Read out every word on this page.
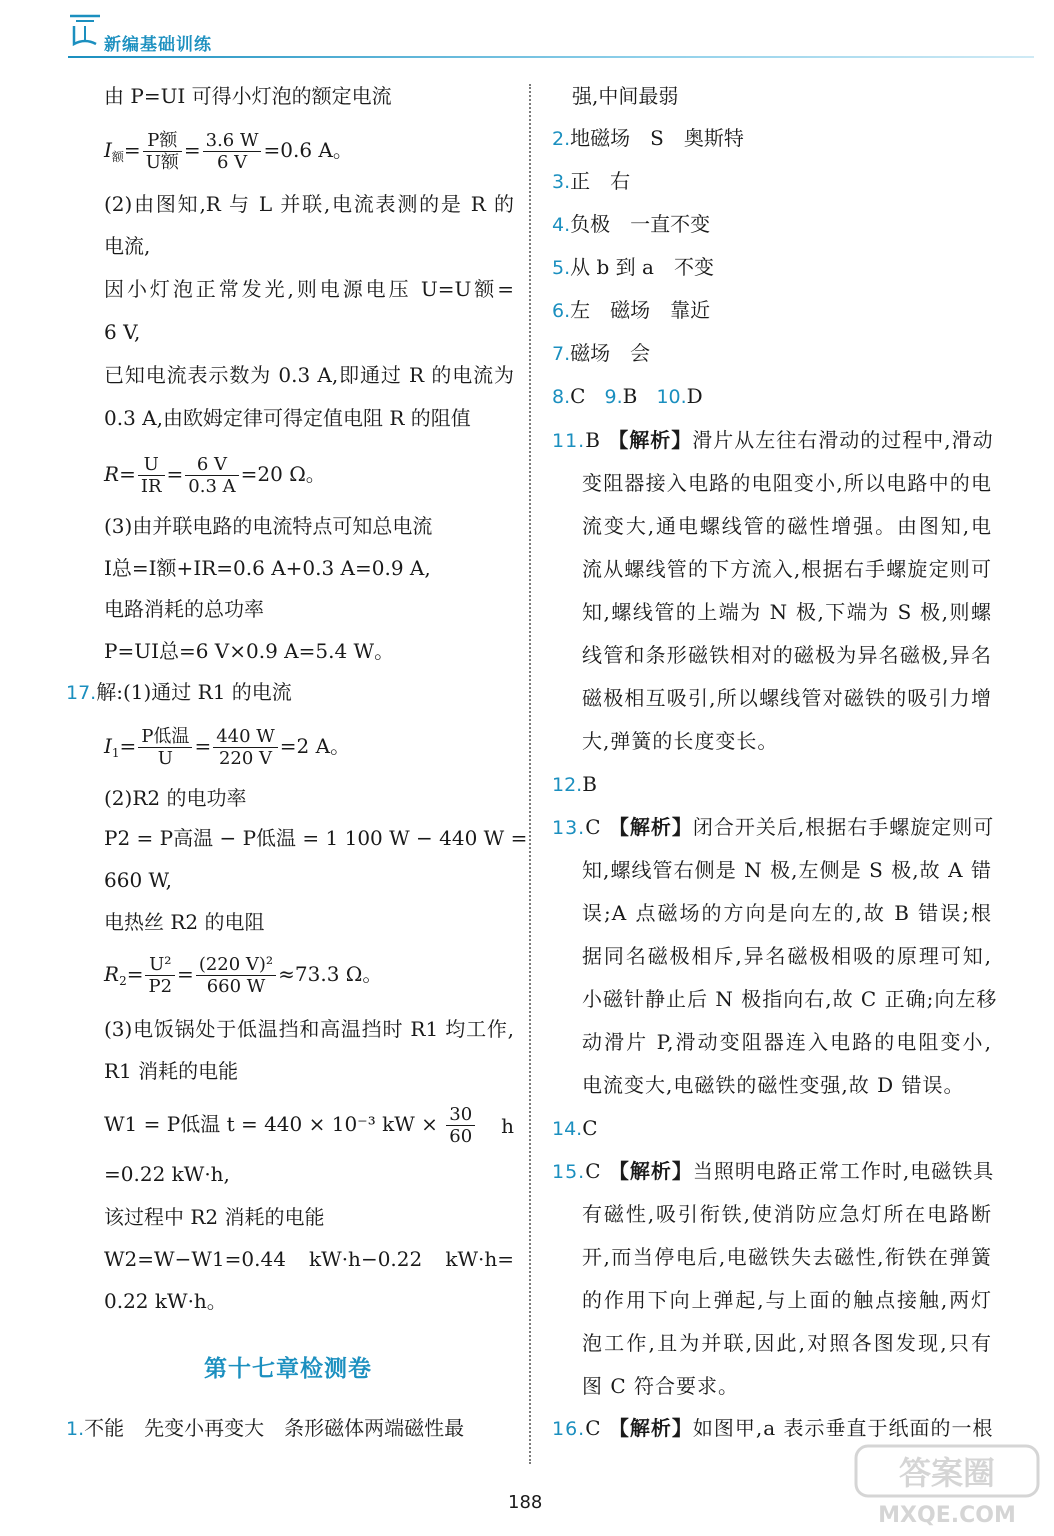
新编基础训练
由 P=UI 可得小灯泡的额定电流
$I_额= \frac{\text{P额}}{\text{U额}} = \frac{3.6 W}{6 V} =0.6$ A。
(2)由图知,R 与 L 并联,电流表测的是 R 的
电流,
因小灯泡正常发光,则电源电压 U=U额=
6 V,
已知电流表示数为 0.3 A,即通过 R 的电流为
0.3 A,由欧姆定律可得定值电阻 R 的阻值
$R= \frac{U}{IR} = \frac{6 V}{0.3 A} =20$ Ω。
(3)由并联电路的电流特点可知总电流
I总=I额+IR=0.6 A+0.3 A=0.9 A,
电路消耗的总功率
P=UI总=6 V×0.9 A=5.4 W。
17.解:(1)通过 R1 的电流
$I_1= \frac{\text{P低温}}{U} = \frac{440 W}{220 V} =2$ A。
(2)R2 的电功率
P2 = P高温 − P低温 = 1 100 W − 440 W =
660 W,
电热丝 R2 的电阻
$R_2= \frac{\text{U²}}{P2} = \frac{\text{(220 V)²}}{660 W} \approx 73.3$ Ω。
(3)电饭锅处于低温挡和高温挡时 R1 均工作,
R1 消耗的电能
W1 = P低温 t = 440 × 10⁻³ kW × $\frac{30}{60}$ h
=0.22 kW·h,
该过程中 R2 消耗的电能
W2=W−W1=0.44 kW·h−0.22 kW·h=
0.22 kW·h。
第十七章检测卷
1.不能　先变小再变大　条形磁体两端磁性最
强,中间最弱
2.地磁场　S　奥斯特
3.正　右
4.负极　一直不变
5.从 b 到 a　不变
6.左　磁场　靠近
7.磁场　会
8.C 9.B 10.D
11.B 【解析】滑片从左往右滑动的过程中,滑动
变阻器接入电路的电阻变小,所以电路中的电
流变大,通电螺线管的磁性增强。由图知,电
流从螺线管的下方流入,根据右手螺旋定则可
知,螺线管的上端为 N 极,下端为 S 极,则螺
线管和条形磁铁相对的磁极为异名磁极,异名
磁极相互吸引,所以螺线管对磁铁的吸引力增
大,弹簧的长度变长。
12.B
13.C 【解析】闭合开关后,根据右手螺旋定则可
知,螺线管右侧是 N 极,左侧是 S 极,故 A 错
误;A 点磁场的方向是向左的,故 B 错误;根
据同名磁极相斥,异名磁极相吸的原理可知,
小磁针静止后 N 极指向右,故 C 正确;向左移
动滑片 P,滑动变阻器连入电路的电阻变小,
电流变大,电磁铁的磁性变强,故 D 错误。
14.C
15.C 【解析】当照明电路正常工作时,电磁铁具
有磁性,吸引衔铁,使消防应急灯所在电路断
开,而当停电后,电磁铁失去磁性,衔铁在弹簧
的作用下向上弹起,与上面的触点接触,两灯
泡工作,且为并联,因此,对照各图发现,只有
图 C 符合要求。
16.C 【解析】如图甲,a 表示垂直于纸面的一根
188
答案圈
MXQE.COM
